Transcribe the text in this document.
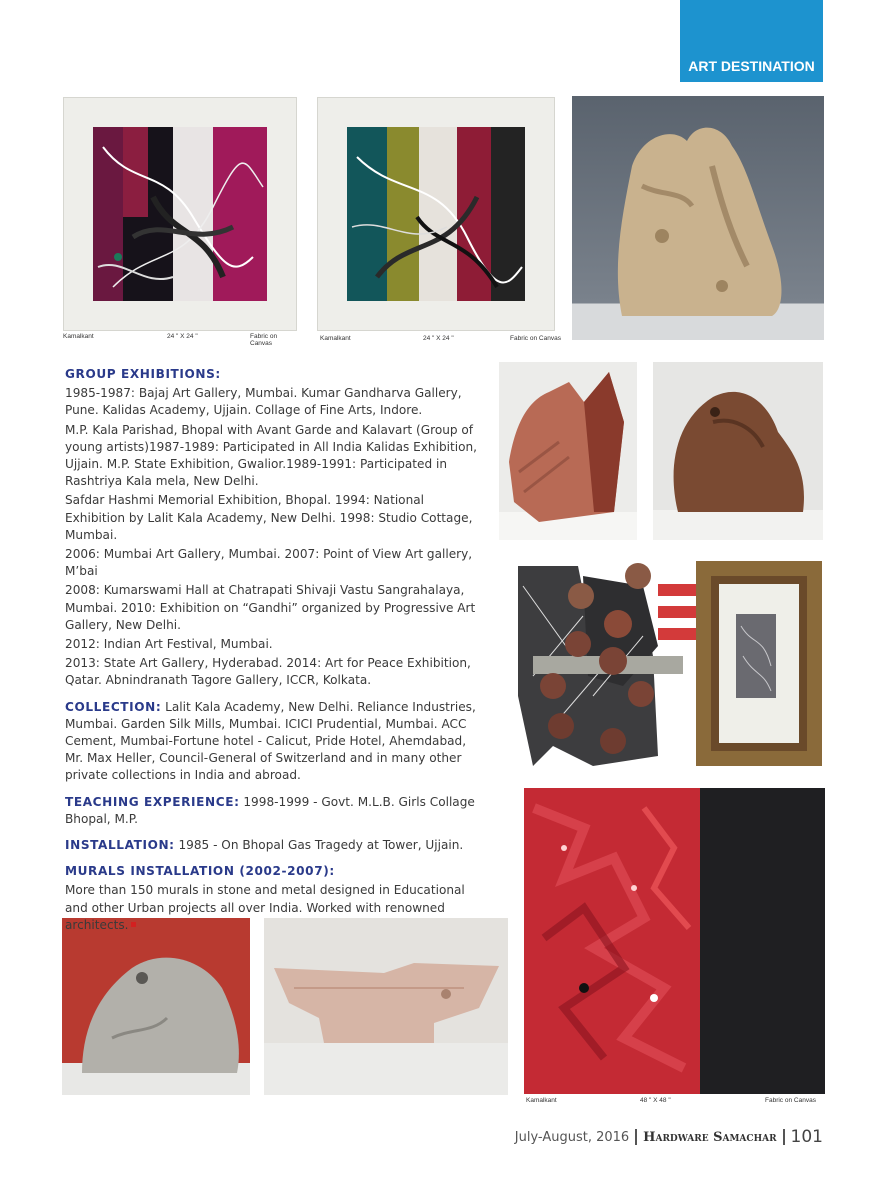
ART DESTINATION
Kamalkant	24 " X 24 "	Fabric on Canvas
Kamalkant	24 " X 24 "	Fabric on Canvas
Kamalkant	48 " X 48 "	Fabric on Canvas

GROUP EXHIBITIONS:

1985-1987: Bajaj Art Gallery, Mumbai. Kumar Gandharva Gallery, Pune. Kalidas Academy, Ujjain. Collage of Fine Arts, Indore.

M.P. Kala Parishad, Bhopal with Avant Garde and Kalavart (Group of young artists)1987-1989: Participated in All India Kalidas Exhibition, Ujjain. M.P. State Exhibition, Gwalior.1989-1991: Participated in Rashtriya Kala mela, New Delhi.

Safdar Hashmi Memorial Exhibition, Bhopal. 1994: National Exhibition by Lalit Kala Academy, New Delhi. 1998: Studio Cottage, Mumbai.

2006: Mumbai Art Gallery, Mumbai. 2007: Point of View Art gallery, M’bai

2008: Kumarswami Hall at Chatrapati Shivaji Vastu Sangrahalaya, Mumbai. 2010: Exhibition on “Gandhi” organized by Progressive Art Gallery, New Delhi.

2012: Indian Art Festival, Mumbai.

2013: State Art Gallery, Hyderabad. 2014: Art for Peace Exhibition, Qatar. Abnindranath Tagore Gallery, ICCR, Kolkata.

COLLECTION: Lalit Kala Academy, New Delhi. Reliance Industries, Mumbai. Garden Silk Mills, Mumbai. ICICI Prudential, Mumbai. ACC Cement, Mumbai-Fortune hotel - Calicut, Pride Hotel, Ahemdabad, Mr. Max Heller, Council-General of Switzerland and in many other private collections in India and abroad.

TEACHING EXPERIENCE: 1998-1999 - Govt. M.L.B. Girls Collage Bhopal, M.P.

INSTALLATION: 1985 - On Bhopal Gas Tragedy at Tower, Ujjain.

MURALS INSTALLATION (2002-2007):

More than 150 murals in stone and metal designed in Educational and other Urban projects all over India. Worked with renowned architects.

July-August, 2016 Hardware Samachar 101
